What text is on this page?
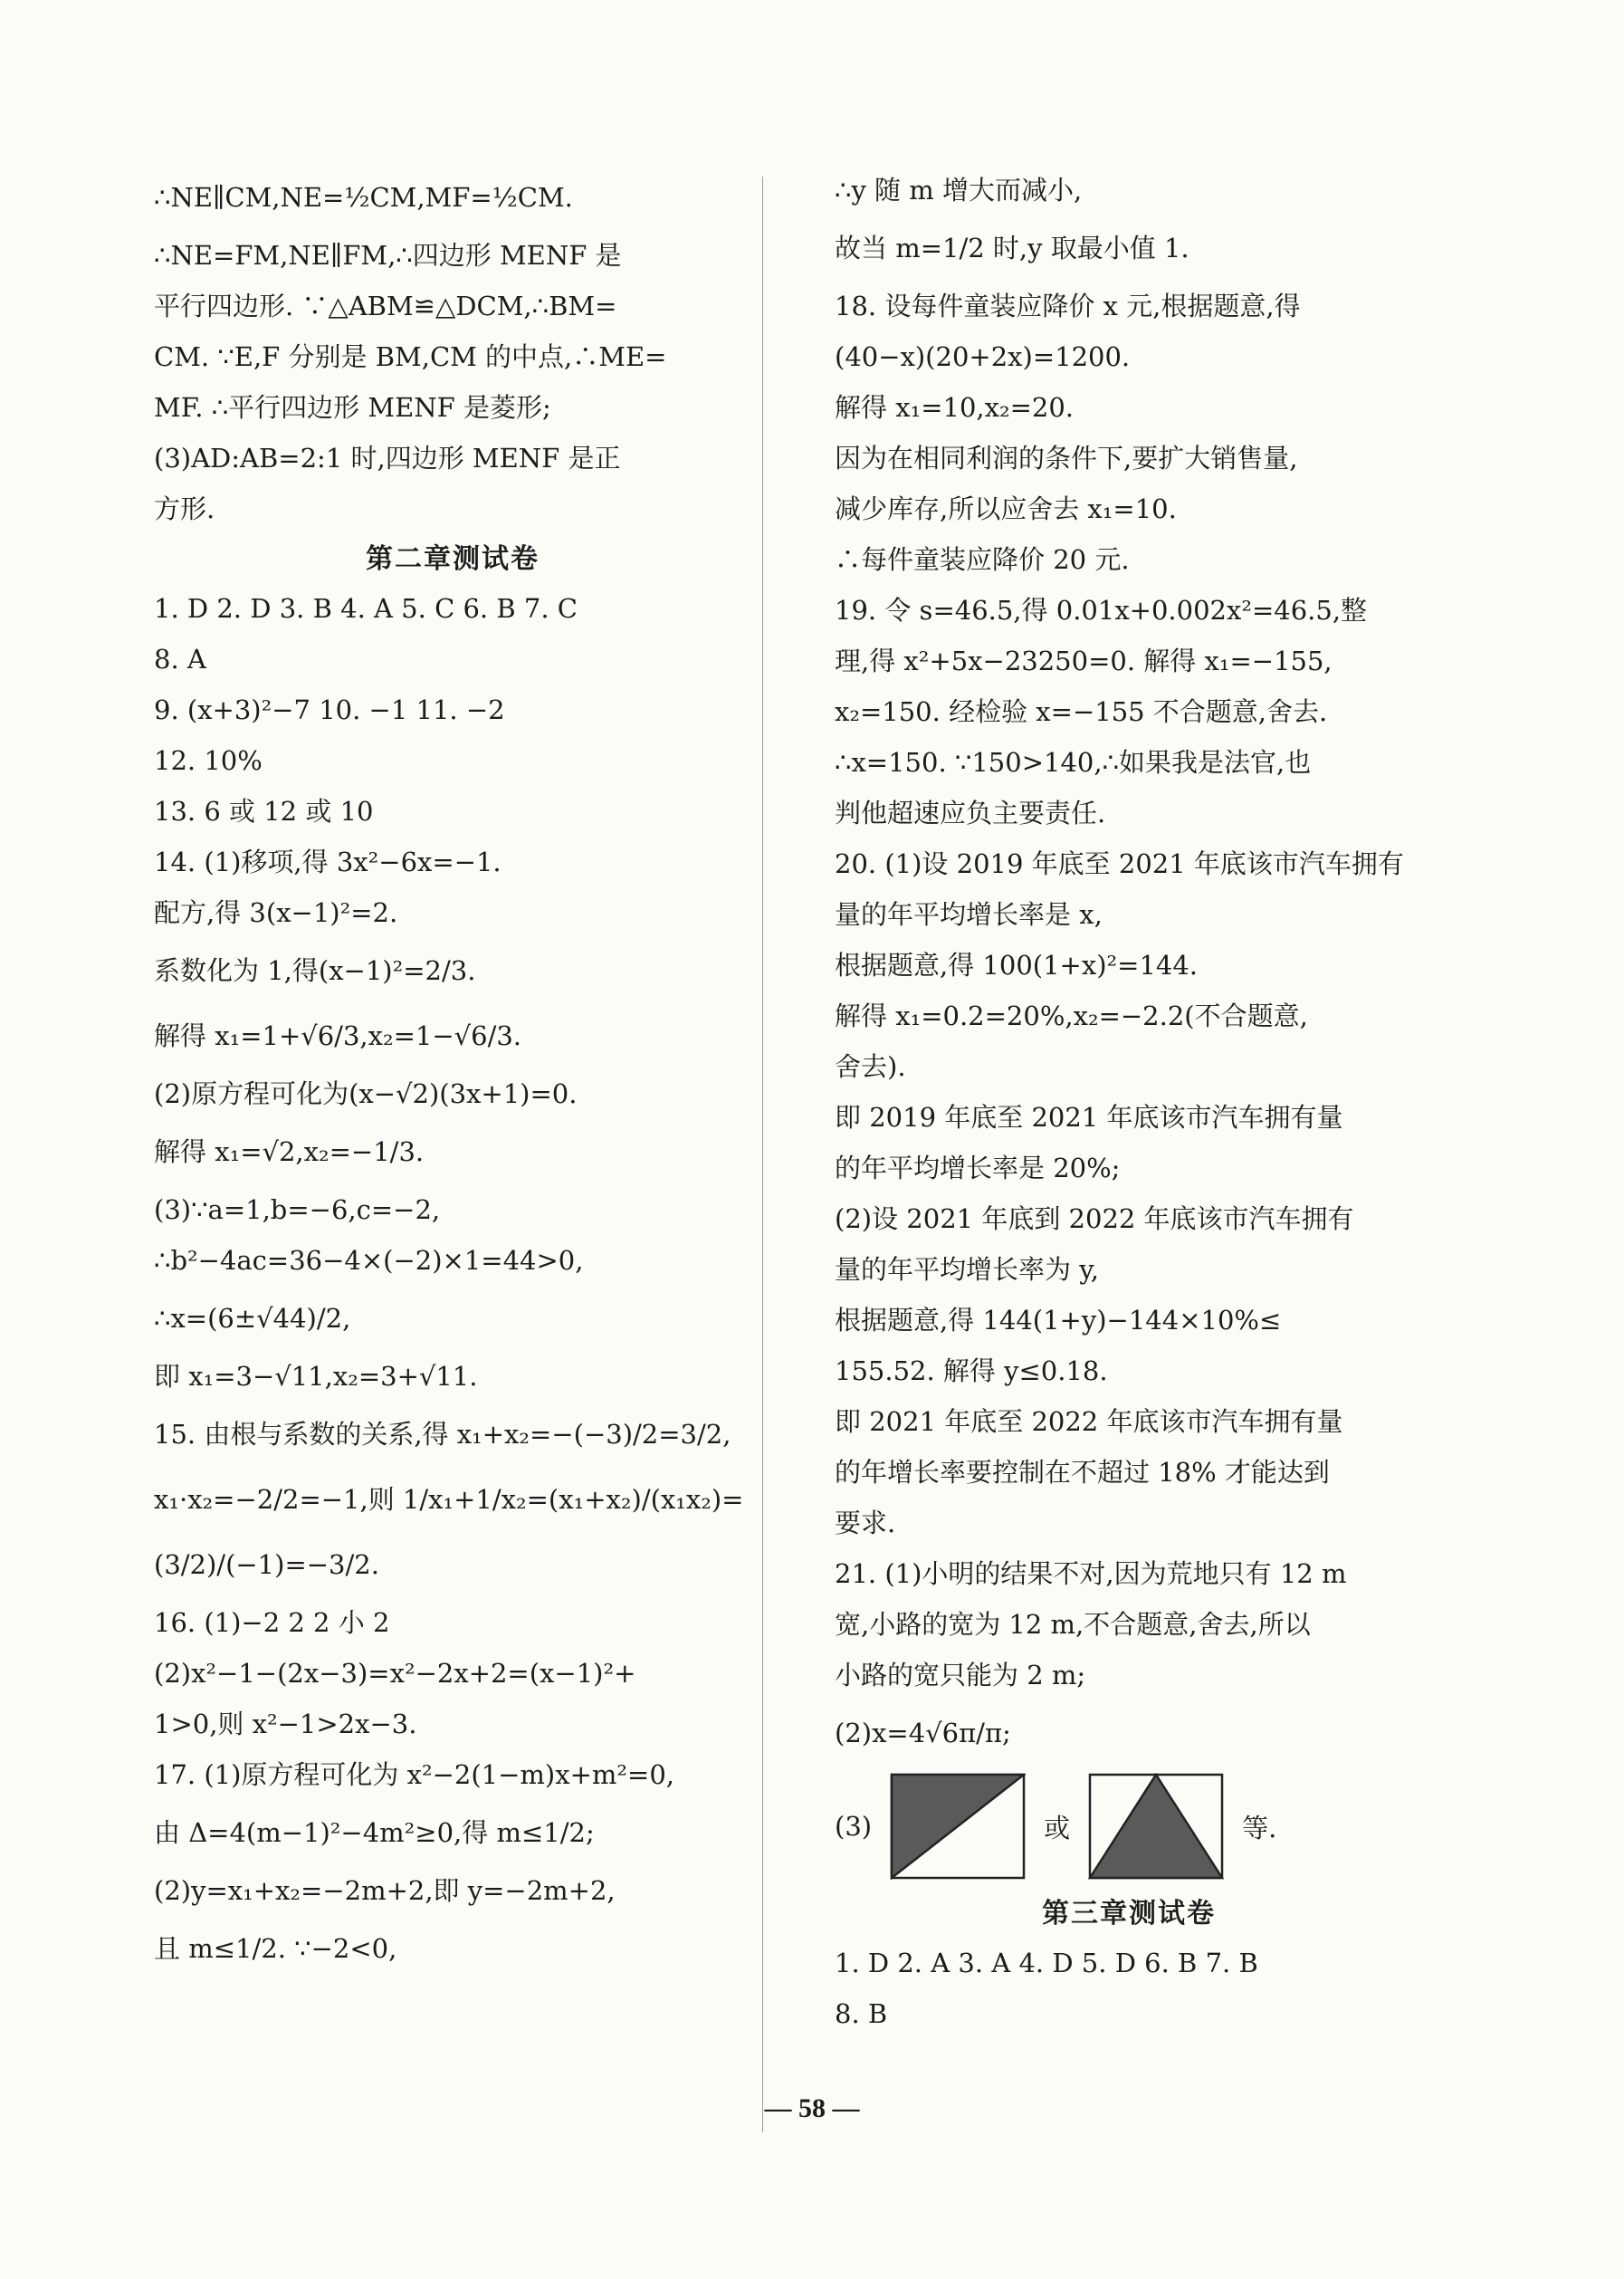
∴NE∥CM,NE=½CM,MF=½CM.
∴NE=FM,NE∥FM,∴四边形 MENF 是
平行四边形. ∵△ABM≌△DCM,∴BM=
CM. ∵E,F 分别是 BM,CM 的中点,∴ME=
MF. ∴平行四边形 MENF 是菱形;
(3)AD:AB=2:1 时,四边形 MENF 是正
方形.
第二章测试卷
1. D 2. D 3. B 4. A 5. C 6. B 7. C
8. A
9. (x+3)²−7 10. −1 11. −2
12. 10%
13. 6 或 12 或 10
14. (1)移项,得 3x²−6x=−1.
配方,得 3(x−1)²=2.
系数化为 1,得(x−1)²=2/3.
解得 x₁=1+√6/3,x₂=1−√6/3.
(2)原方程可化为(x−√2)(3x+1)=0.
解得 x₁=√2,x₂=−1/3.
(3)∵a=1,b=−6,c=−2,
∴b²−4ac=36−4×(−2)×1=44>0,
∴x=(6±√44)/2,
即 x₁=3−√11,x₂=3+√11.
15. 由根与系数的关系,得 x₁+x₂=−(−3)/2=3/2,
x₁·x₂=−2/2=−1,则 1/x₁+1/x₂=(x₁+x₂)/(x₁x₂)=
(3/2)/(−1)=−3/2.
16. (1)−2 2 2 小 2
(2)x²−1−(2x−3)=x²−2x+2=(x−1)²+
1>0,则 x²−1>2x−3.
17. (1)原方程可化为 x²−2(1−m)x+m²=0,
由 Δ=4(m−1)²−4m²≥0,得 m≤1/2;
(2)y=x₁+x₂=−2m+2,即 y=−2m+2,
且 m≤1/2. ∵−2<0,
∴y 随 m 增大而减小,
故当 m=1/2 时,y 取最小值 1.
18. 设每件童装应降价 x 元,根据题意,得
(40−x)(20+2x)=1200.
解得 x₁=10,x₂=20.
因为在相同利润的条件下,要扩大销售量,
减少库存,所以应舍去 x₁=10.
∴每件童装应降价 20 元.
19. 令 s=46.5,得 0.01x+0.002x²=46.5,整
理,得 x²+5x−23250=0. 解得 x₁=−155,
x₂=150. 经检验 x=−155 不合题意,舍去.
∴x=150. ∵150>140,∴如果我是法官,也
判他超速应负主要责任.
20. (1)设 2019 年底至 2021 年底该市汽车拥有
量的年平均增长率是 x,
根据题意,得 100(1+x)²=144.
解得 x₁=0.2=20%,x₂=−2.2(不合题意,
舍去).
即 2019 年底至 2021 年底该市汽车拥有量
的年平均增长率是 20%;
(2)设 2021 年底到 2022 年底该市汽车拥有
量的年平均增长率为 y,
根据题意,得 144(1+y)−144×10%≤
155.52. 解得 y≤0.18.
即 2021 年底至 2022 年底该市汽车拥有量
的年增长率要控制在不超过 18% 才能达到
要求.
21. (1)小明的结果不对,因为荒地只有 12 m
宽,小路的宽为 12 m,不合题意,舍去,所以
小路的宽只能为 2 m;
(2)x=4√6π/π;
(3)	或	等.
第三章测试卷
1. D 2. A 3. A 4. D 5. D 6. B 7. B
8. B
— 58 —
